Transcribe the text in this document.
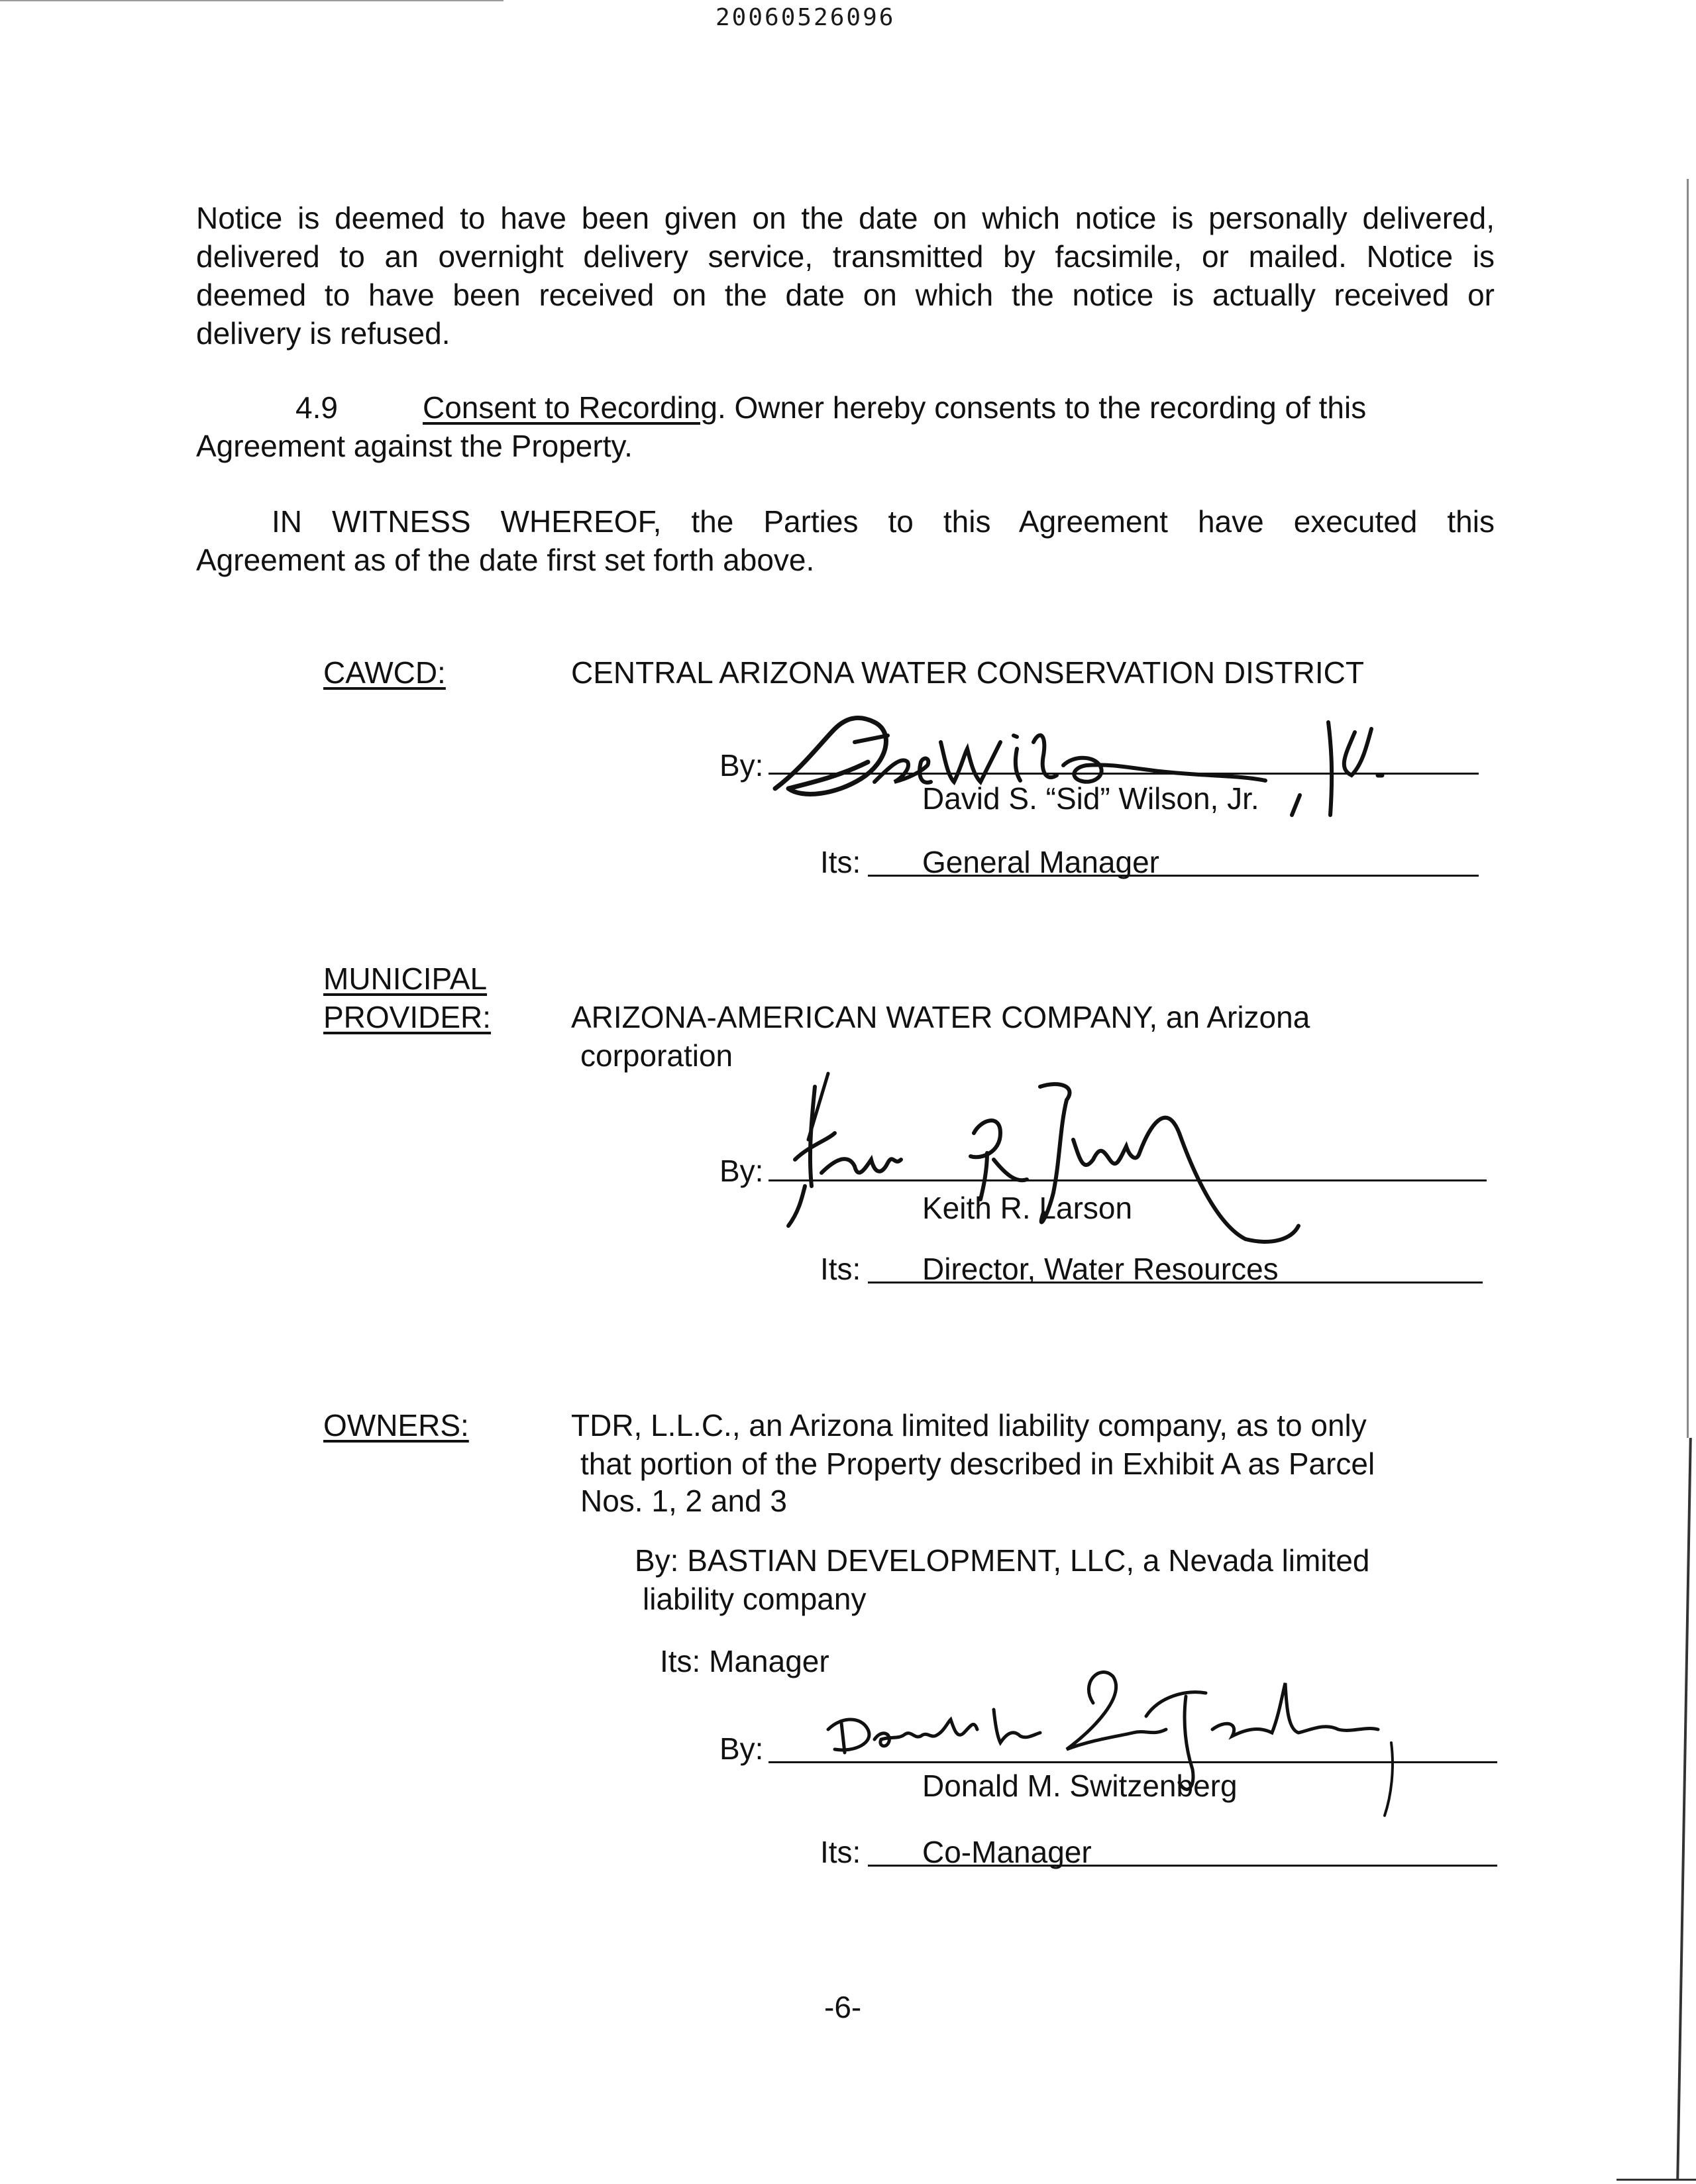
20060526096
Notice is deemed to have been given on the date on which notice is personally delivered,
delivered to an overnight delivery service, transmitted by facsimile, or mailed. Notice is
deemed to have been received on the date on which the notice is actually received or
delivery is refused.
4.9	Consent to Recording. Owner hereby consents to the recording of this
Agreement against the Property.
IN WITNESS WHEREOF, the Parties to this Agreement have executed this
Agreement as of the date first set forth above.
CAWCD:	CENTRAL ARIZONA WATER CONSERVATION DISTRICT
By:
David S. “Sid” Wilson, Jr.
Its: General Manager
MUNICIPAL
PROVIDER:	ARIZONA-AMERICAN WATER COMPANY, an Arizona
corporation
By:
Keith R. Larson
Its: Director, Water Resources
OWNERS:	TDR, L.L.C., an Arizona limited liability company, as to only
that portion of the Property described in Exhibit A as Parcel
Nos. 1, 2 and 3
By: BASTIAN DEVELOPMENT, LLC, a Nevada limited
liability company
Its: Manager
By:
Donald M. Switzenberg
Its: Co-Manager
-6-
